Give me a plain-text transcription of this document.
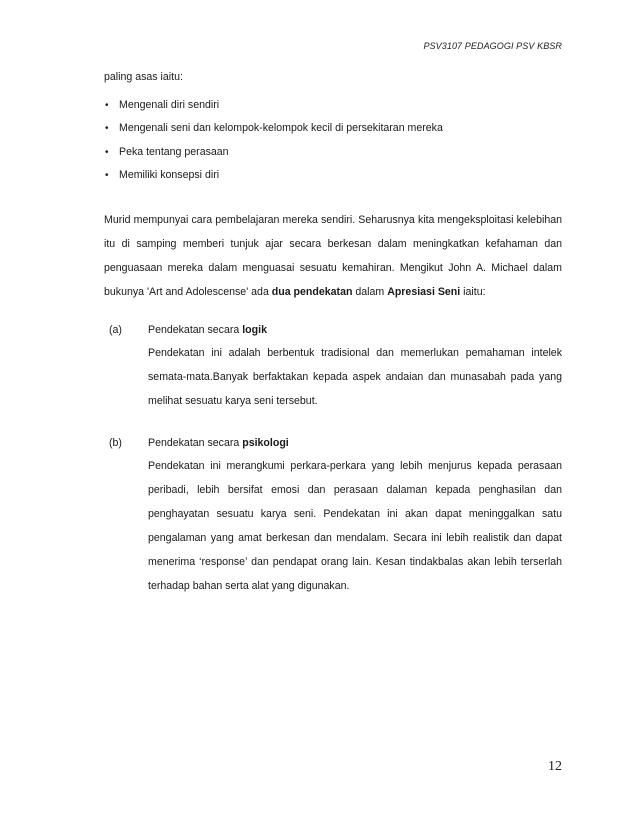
PSV3107 PEDAGOGI PSV KBSR
paling asas iaitu:
• Mengenali diri sendiri
• Mengenali seni dan kelompok-kelompok kecil di persekitaran mereka
• Peka tentang perasaan
• Memiliki konsepsi diri
Murid mempunyai cara pembelajaran mereka sendiri. Seharusnya kita mengeksploitasi kelebihan itu di samping memberi tunjuk ajar secara berkesan dalam meningkatkan kefahaman dan penguasaan mereka dalam menguasai sesuatu kemahiran. Mengikut John A. Michael dalam bukunya 'Art and Adolescense' ada dua pendekatan dalam Apresiasi Seni iaitu:
(a) Pendekatan secara logik
Pendekatan ini adalah berbentuk tradisional dan memerlukan pemahaman intelek semata-mata.Banyak berfaktakan kepada aspek andaian dan munasabah pada yang melihat sesuatu karya seni tersebut.
(b) Pendekatan secara psikologi
Pendekatan ini merangkumi perkara-perkara yang lebih menjurus kepada perasaan peribadi, lebih bersifat emosi dan perasaan dalaman kepada penghasilan dan penghayatan sesuatu karya seni. Pendekatan ini akan dapat meninggalkan satu pengalaman yang amat berkesan dan mendalam. Secara ini lebih realistik dan dapat menerima ‘response’ dan pendapat orang lain. Kesan tindakbalas akan lebih terserlah terhadap bahan serta alat yang digunakan.
12
